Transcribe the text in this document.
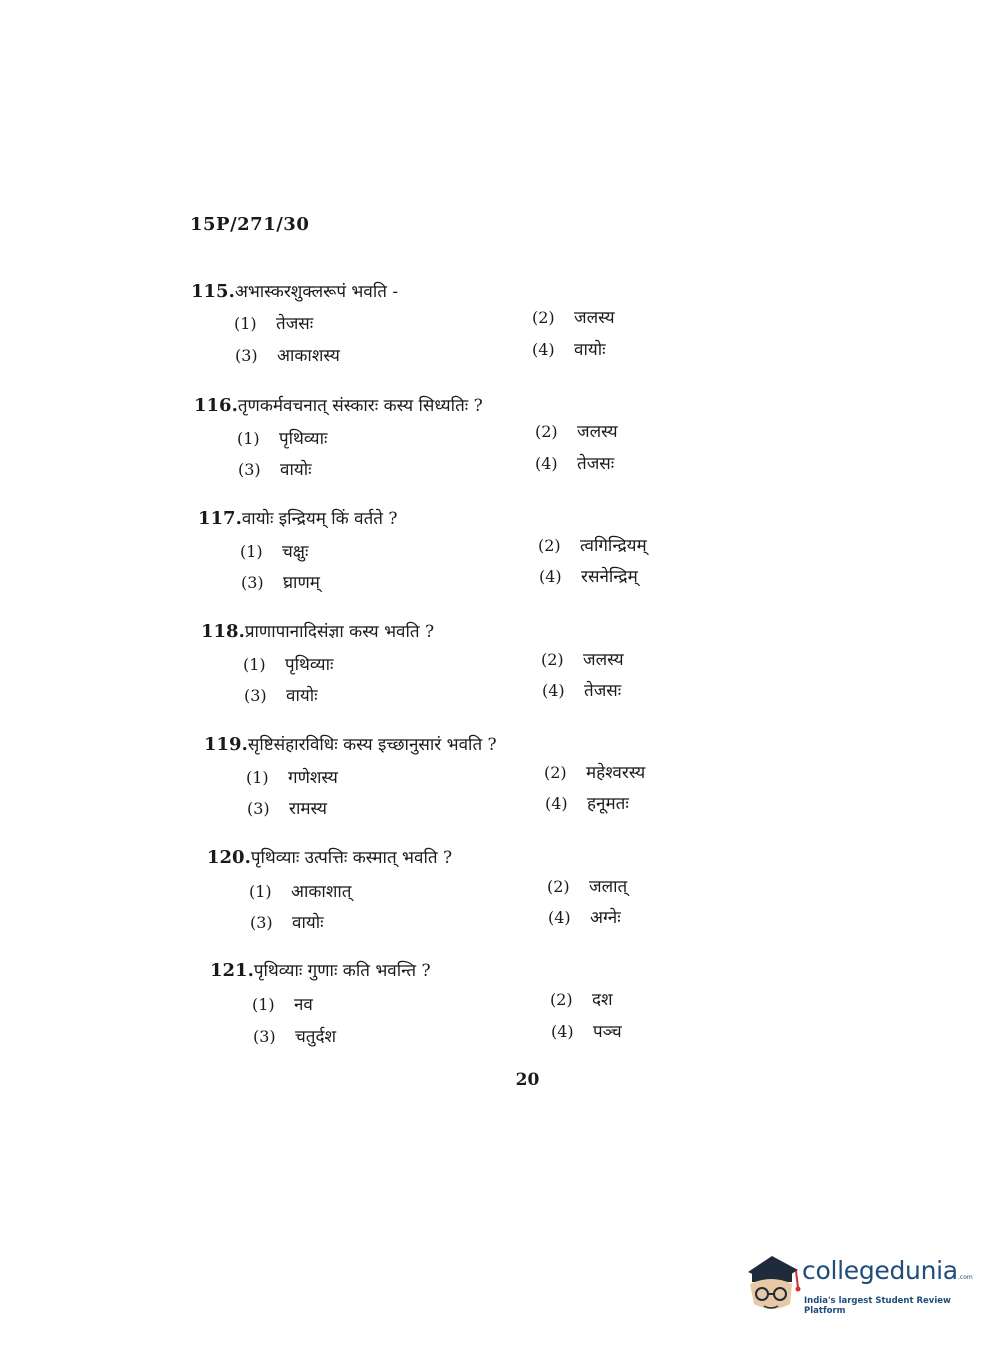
15P/271/30
115.अभास्करशुक्लरूपं भवति -
(1) तेजसः	(2) जलस्य
(3) आकाशस्य	(4) वायोः
116.तृणकर्मवचनात् संस्कारः कस्य सिध्यतिः ?
(1) पृथिव्याः	(2) जलस्य
(3) वायोः	(4) तेजसः
117.वायोः इन्द्रियम् किं वर्तते ?
(1) चक्षुः	(2) त्वगिन्द्रियम्
(3) घ्राणम्	(4) रसनेन्द्रिम्
118.प्राणापानादिसंज्ञा कस्य भवति ?
(1) पृथिव्याः	(2) जलस्य
(3) वायोः	(4) तेजसः
119.सृष्टिसंहारविधिः कस्य इच्छानुसारं भवति ?
(1) गणेशस्य	(2) महेश्वरस्य
(3) रामस्य	(4) हनूमतः
120.पृथिव्याः उत्पत्तिः कस्मात् भवति ?
(1) आकाशात्	(2) जलात्
(3) वायोः	(4) अग्नेः
121.पृथिव्याः गुणाः कति भवन्ति ?
(1) नव	(2) दश
(3) चतुर्दश	(4) पञ्च
20
collegedunia .com
India's largest Student Review Platform
